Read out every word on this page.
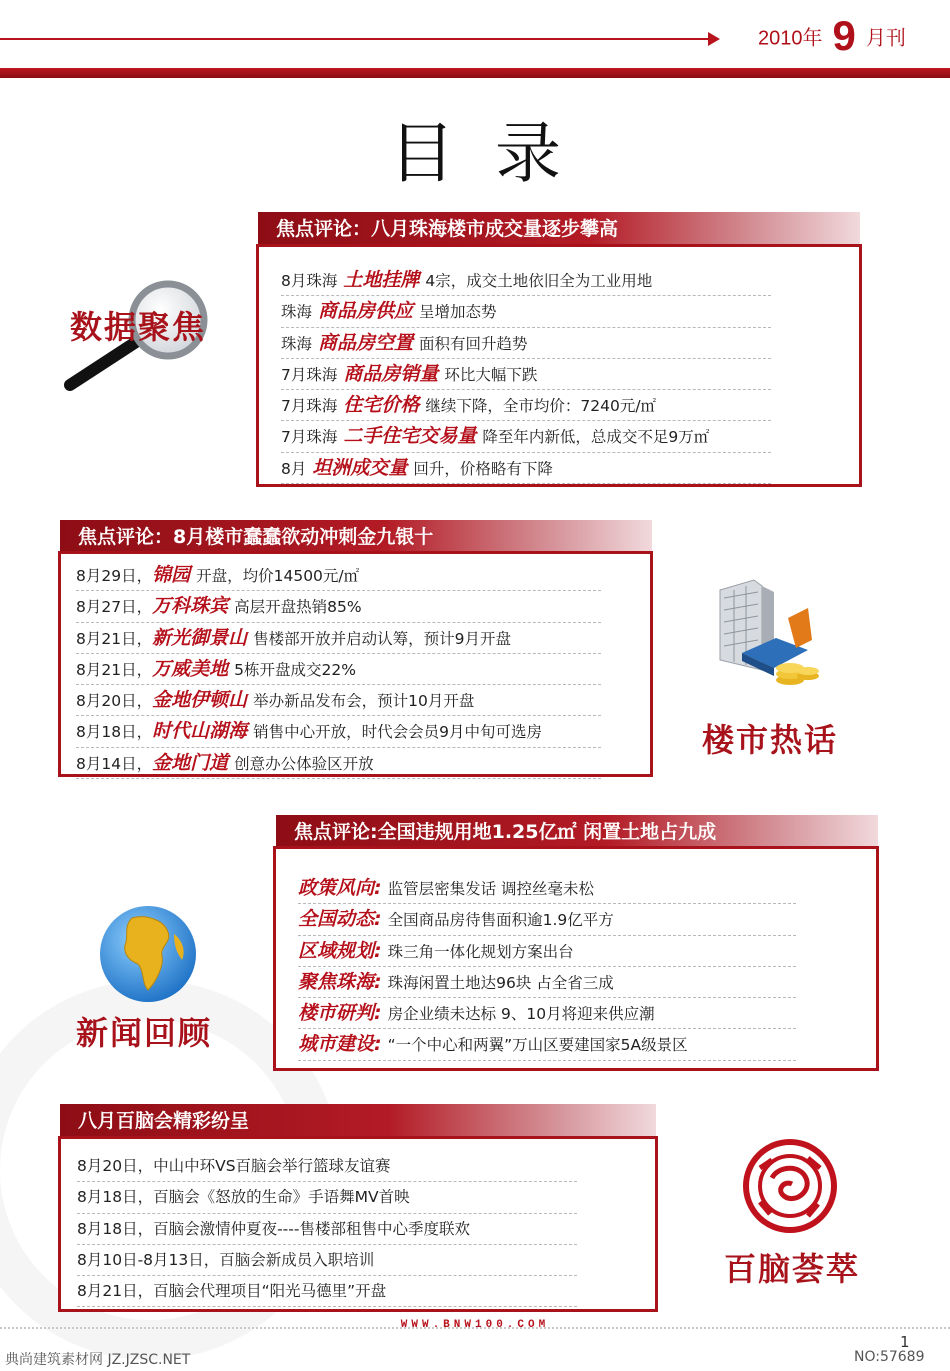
2010年 9 月刊
目录
数据聚焦
焦点评论：八月珠海楼市成交量逐步攀高
8月珠海 土地挂牌 4宗，成交土地依旧全为工业用地
珠海 商品房供应 呈增加态势
珠海 商品房空置 面积有回升趋势
7月珠海 商品房销量 环比大幅下跌
7月珠海 住宅价格 继续下降，全市均价：7240元/㎡
7月珠海 二手住宅交易量 降至年内新低，总成交不足9万㎡
8月 坦洲成交量 回升，价格略有下降
焦点评论：8月楼市蠢蠢欲动冲刺金九银十
8月29日，锦园 开盘，均价14500元/㎡
8月27日，万科珠宾 高层开盘热销85%
8月21日，新光御景山 售楼部开放并启动认筹，预计9月开盘
8月21日，万威美地 5栋开盘成交22%
8月20日，金地伊顿山 举办新品发布会，预计10月开盘
8月18日，时代山湖海 销售中心开放，时代会会员9月中旬可选房
8月14日，金地门道 创意办公体验区开放
楼市热话
焦点评论:全国违规用地1.25亿㎡ 闲置土地占九成
政策风向: 监管层密集发话 调控丝毫未松
全国动态: 全国商品房待售面积逾1.9亿平方
区域规划: 珠三角一体化规划方案出台
聚焦珠海: 珠海闲置土地达96块 占全省三成
楼市研判: 房企业绩未达标 9、10月将迎来供应潮
城市建设: “一个中心和两翼”万山区要建国家5A级景区
新闻回顾
八月百脑会精彩纷呈
8月20日，中山中环VS百脑会举行篮球友谊赛
8月18日，百脑会《怒放的生命》手语舞MV首映
8月18日，百脑会激情仲夏夜----售楼部租售中心季度联欢
8月10日-8月13日，百脑会新成员入职培训
8月21日，百脑会代理项目“阳光马德里”开盘
百脑荟萃
WWW.BNW100.COM
1
典尚建筑素材网 JZ.JZSC.NET	NO:57689
